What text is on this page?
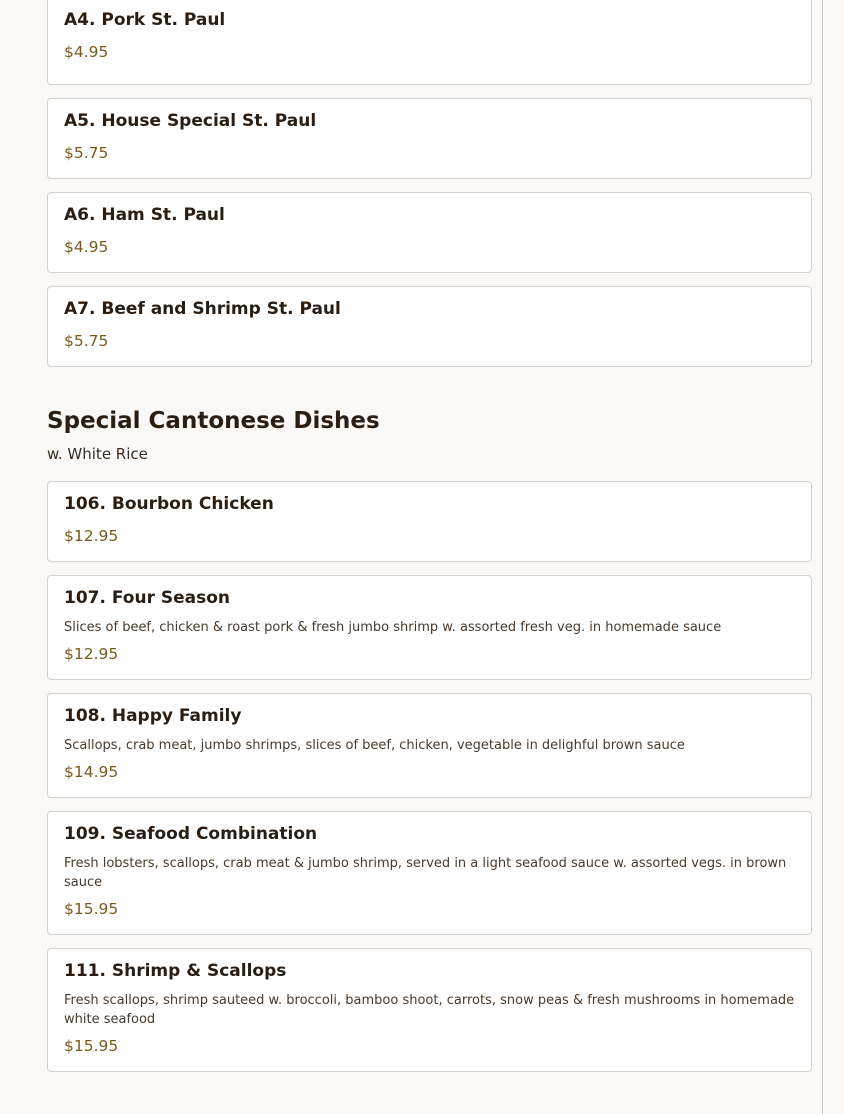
A4. Pork St. Paul
$4.95
A5. House Special St. Paul
$5.75
A6. Ham St. Paul
$4.95
A7. Beef and Shrimp St. Paul
$5.75
Special Cantonese Dishes
w. White Rice
106. Bourbon Chicken
$12.95
107. Four Season
Slices of beef, chicken & roast pork & fresh jumbo shrimp w. assorted fresh veg. in homemade sauce
$12.95
108. Happy Family
Scallops, crab meat, jumbo shrimps, slices of beef, chicken, vegetable in delighful brown sauce
$14.95
109. Seafood Combination
Fresh lobsters, scallops, crab meat & jumbo shrimp, served in a light seafood sauce w. assorted vegs. in brown sauce
$15.95
111. Shrimp & Scallops
Fresh scallops, shrimp sauteed w. broccoli, bamboo shoot, carrots, snow peas & fresh mushrooms in homemade white seafood
$15.95
